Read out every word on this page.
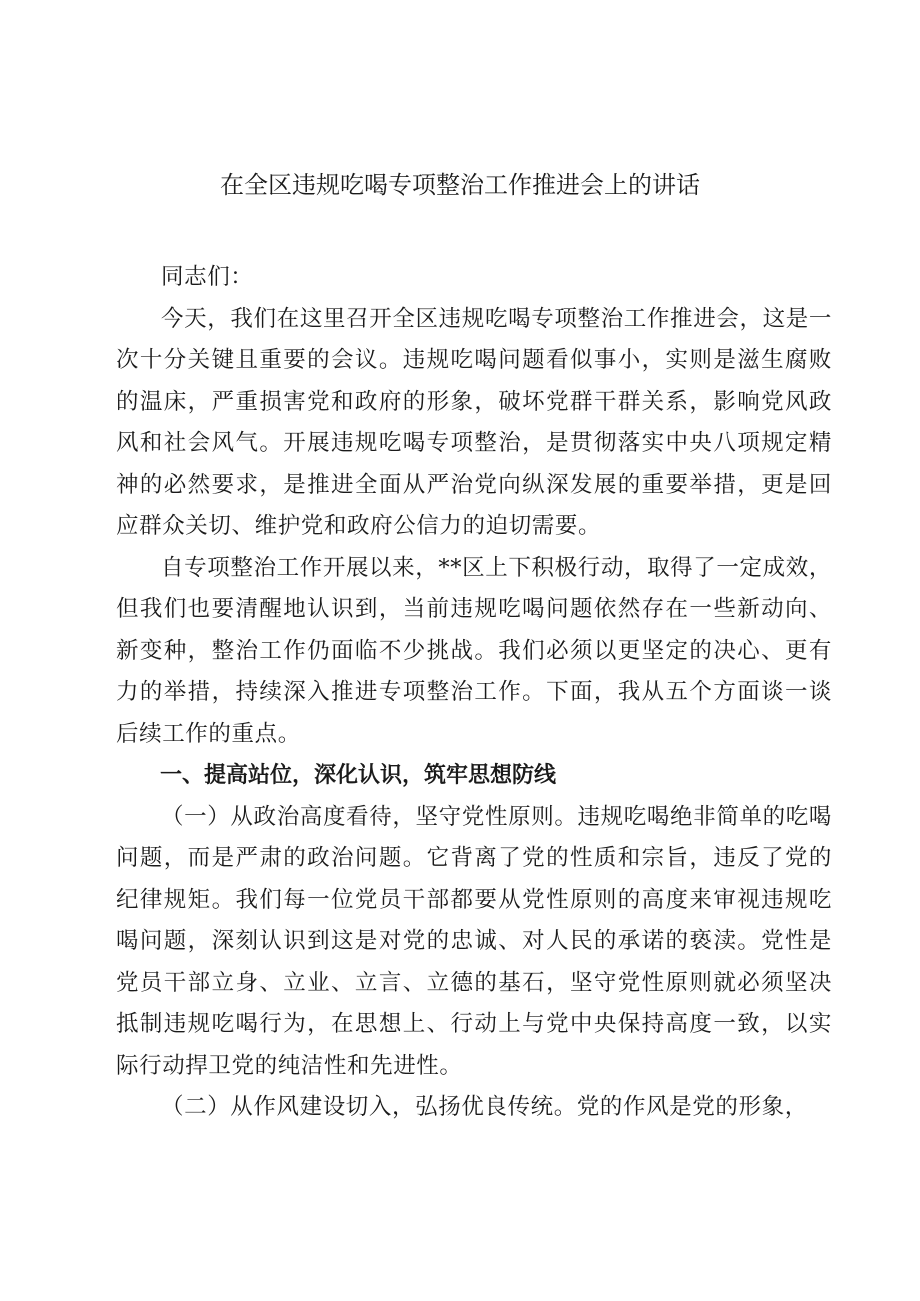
在全区违规吃喝专项整治工作推进会上的讲话

同志们：

今天，我们在这里召开全区违规吃喝专项整治工作推进会，这是一次十分关键且重要的会议。违规吃喝问题看似事小，实则是滋生腐败的温床，严重损害党和政府的形象，破坏党群干群关系，影响党风政风和社会风气。开展违规吃喝专项整治，是贯彻落实中央八项规定精神的必然要求，是推进全面从严治党向纵深发展的重要举措，更是回应群众关切、维护党和政府公信力的迫切需要。

自专项整治工作开展以来，**区上下积极行动，取得了一定成效，但我们也要清醒地认识到，当前违规吃喝问题依然存在一些新动向、新变种，整治工作仍面临不少挑战。我们必须以更坚定的决心、更有力的举措，持续深入推进专项整治工作。下面，我从五个方面谈一谈后续工作的重点。

一、提高站位，深化认识，筑牢思想防线

（一）从政治高度看待，坚守党性原则。违规吃喝绝非简单的吃喝问题，而是严肃的政治问题。它背离了党的性质和宗旨，违反了党的纪律规矩。我们每一位党员干部都要从党性原则的高度来审视违规吃喝问题，深刻认识到这是对党的忠诚、对人民的承诺的亵渎。党性是党员干部立身、立业、立言、立德的基石，坚守党性原则就必须坚决抵制违规吃喝行为，在思想上、行动上与党中央保持高度一致，以实际行动捍卫党的纯洁性和先进性。

（二）从作风建设切入，弘扬优良传统。党的作风是党的形象，
